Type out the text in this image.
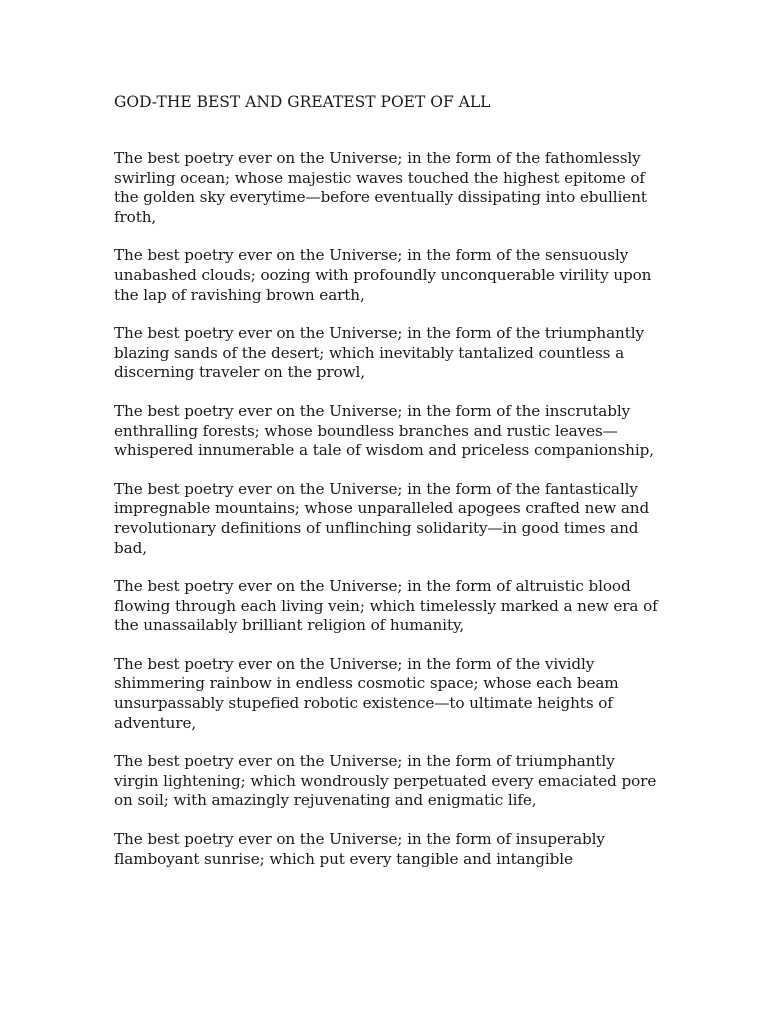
GOD-THE BEST AND GREATEST POET OF ALL

The best poetry ever on the Universe; in the form of the fathomlessly swirling ocean; whose majestic waves touched the highest epitome of the golden sky everytime—before eventually dissipating into ebullient froth,

The best poetry ever on the Universe; in the form of the sensuously unabashed clouds; oozing with profoundly unconquerable virility upon the lap of ravishing brown earth,

The best poetry ever on the Universe; in the form of the triumphantly blazing sands of the desert; which inevitably tantalized countless a discerning traveler on the prowl,

The best poetry ever on the Universe; in the form of the inscrutably enthralling forests; whose boundless branches and rustic leaves—whispered innumerable a tale of wisdom and priceless companionship,

The best poetry ever on the Universe; in the form of the fantastically impregnable mountains; whose unparalleled apogees crafted new and revolutionary definitions of unflinching solidarity—in good times and bad,

The best poetry ever on the Universe; in the form of altruistic blood flowing through each living vein; which timelessly marked a new era of the unassailably brilliant religion of humanity,

The best poetry ever on the Universe; in the form of the vividly shimmering rainbow in endless cosmotic space; whose each beam unsurpassably stupefied robotic existence—to ultimate heights of adventure,

The best poetry ever on the Universe; in the form of triumphantly virgin lightening; which wondrously perpetuated every emaciated pore on soil; with amazingly rejuvenating and enigmatic life,

The best poetry ever on the Universe; in the form of insuperably flamboyant sunrise; which put every tangible and intangible
